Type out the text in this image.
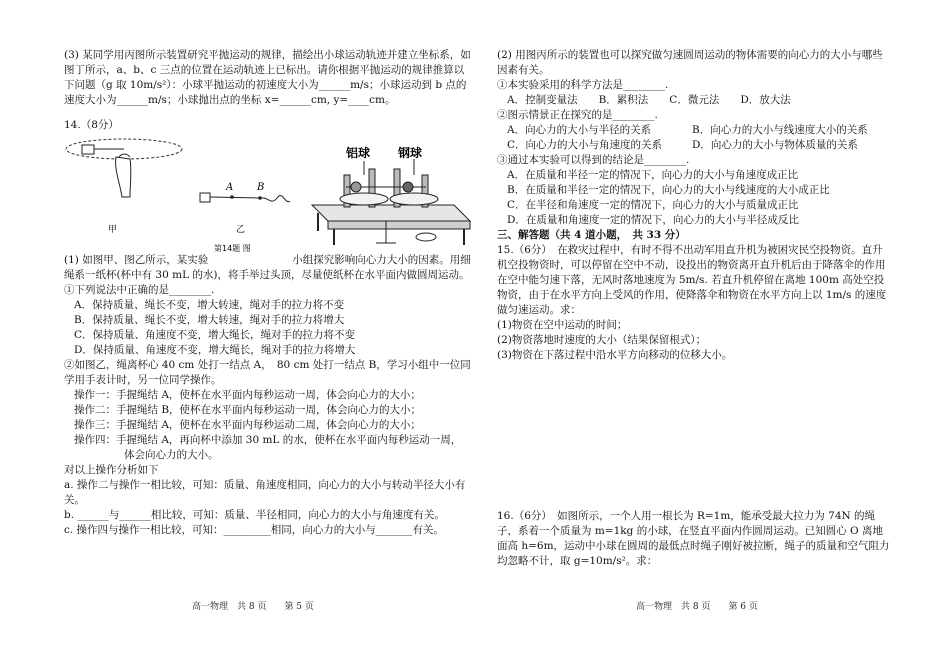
(3) 某同学用丙图所示装置研究平抛运动的规律，描绘出小球运动轨迹并建立坐标系，如图丁所示，a、b、c 三点的位置在运动轨迹上已标出。请你根据平抛运动的规律推算以下问题（g 取 10m/s²）：小球平抛运动的初速度大小为______m/s；小球运动到 b 点的速度大小为______m/s；小球抛出点的坐标 x=______cm, y=____cm。

14.（8分）

甲
A B
乙
铝球 钢球
第14题 图

(1) 如图甲、图乙所示，某实验　　　　　　　　小组探究影响向心力大小的因素。用细绳系一纸杯(杯中有 30 mL 的水)，将手举过头顶，尽量使纸杯在水平面内做圆周运动。

①下列说法中正确的是________.

A．保持质量、绳长不变，增大转速，绳对手的拉力将不变

B．保持质量、绳长不变，增大转速，绳对手的拉力将增大

C．保持质量、角速度不变，增大绳长，绳对手的拉力将不变

D．保持质量、角速度不变，增大绳长，绳对手的拉力将增大

②如图乙，绳离杯心 40 cm 处打一结点 A，　80 cm 处打一结点 B，学习小组中一位同学用手表计时，另一位同学操作。

操作一：手握绳结 A，使杯在水平面内每秒运动一周，体会向心力的大小；

操作二：手握绳结 B，使杯在水平面内每秒运动一周，体会向心力的大小；

操作三：手握绳结 A，使杯在水平面内每秒运动二周，体会向心力的大小；

操作四：手握绳结 A，再向杯中添加 30 mL 的水，使杯在水平面内每秒运动一周，

体会向心力的大小。

对以上操作分析如下

a. 操作二与操作一相比较，可知：质量、角速度相同，向心力的大小与转动半径大小有关。

b. ______与______相比较，可知：质量、半径相同，向心力的大小与角速度有关。

c. 操作四与操作一相比较，可知：_________相同，向心力的大小与_______有关。

(2) 用图丙所示的装置也可以探究做匀速圆周运动的物体需要的向心力的大小与哪些因素有关。

①本实验采用的科学方法是________.

A．控制变量法　　B．累积法　　C．微元法　　D．放大法

②图示情景正在探究的是________.

A．向心力的大小与半径的关系	B．向心力的大小与线速度大小的关系
C．向心力的大小与角速度的关系	D．向心力的大小与物体质量的关系

③通过本实验可以得到的结论是________.

A．在质量和半径一定的情况下，向心力的大小与角速度成正比

B．在质量和半径一定的情况下，向心力的大小与线速度的大小成正比

C．在半径和角速度一定的情况下，向心力的大小与质量成正比

D．在质量和角速度一定的情况下，向心力的大小与半径成反比

三、解答题（共 4 道小题，　共 33 分）

15.（6分）　在救灾过程中，有时不得不出动军用直升机为被困灾民空投物资。直升机空投物资时，可以停留在空中不动，设投出的物资离开直升机后由于降落伞的作用在空中能匀速下落，无风时落地速度为 5m/s. 若直升机停留在离地 100m 高处空投物资，由于在水平方向上受风的作用，使降落伞和物资在水平方向上以 1m/s 的速度做匀速运动。求：

(1)物资在空中运动的时间；

(2)物资落地时速度的大小（结果保留根式）；

(3)物资在下落过程中沿水平方向移动的位移大小。

16.（6分）　如图所示，一个人用一根长为 R=1m，能承受最大拉力为 74N 的绳子，系着一个质量为 m=1kg 的小球，在竖直平面内作圆周运动。已知圆心 O 离地面高 h=6m，运动中小球在圆周的最低点时绳子刚好被拉断，绳子的质量和空气阻力均忽略不计，取 g=10m/s²。求：

高一物理　共 8 页　　第 5 页	高一物理　共 8 页　　第 6 页
